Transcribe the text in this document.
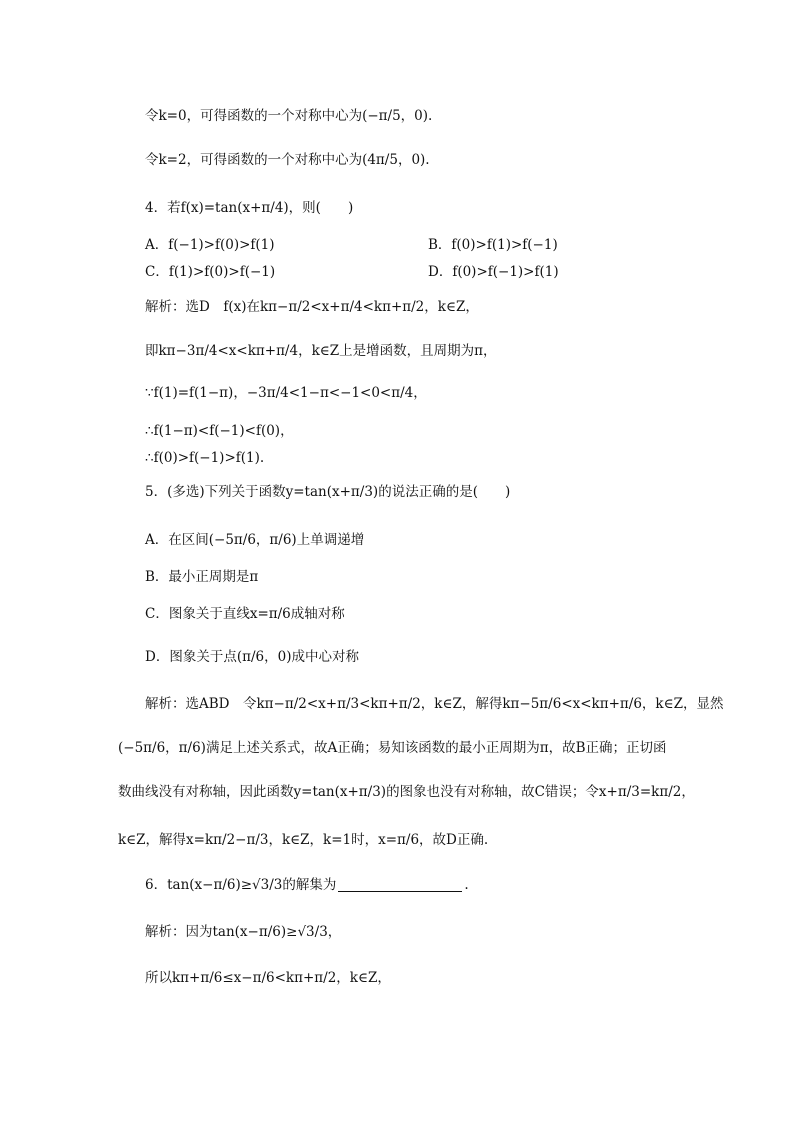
令k=0，可得函数的一个对称中心为(−π/5，0).
令k=2，可得函数的一个对称中心为(4π/5，0).
4．若f(x)=tan(x+π/4)，则(　　)
A．f(−1)>f(0)>f(1)	B．f(0)>f(1)>f(−1)
C．f(1)>f(0)>f(−1)	D．f(0)>f(−1)>f(1)
解析：选D　f(x)在kπ−π/2<x+π/4<kπ+π/2，k∈Z，
即kπ−3π/4<x<kπ+π/4，k∈Z上是增函数，且周期为π，
∵f(1)=f(1−π)，−3π/4<1−π<−1<0<π/4，
∴f(1−π)<f(−1)<f(0)，
∴f(0)>f(−1)>f(1).
5．(多选)下列关于函数y=tan(x+π/3)的说法正确的是(　　)
A．在区间(−5π/6，π/6)上单调递增
B．最小正周期是π
C．图象关于直线x=π/6成轴对称
D．图象关于点(π/6，0)成中心对称
解析：选ABD　令kπ−π/2<x+π/3<kπ+π/2，k∈Z，解得kπ−5π/6<x<kπ+π/6，k∈Z，显然
(−5π/6，π/6)满足上述关系式，故A正确；易知该函数的最小正周期为π，故B正确；正切函
数曲线没有对称轴，因此函数y=tan(x+π/3)的图象也没有对称轴，故C错误；令x+π/3=kπ/2，
k∈Z，解得x=kπ/2−π/3，k∈Z，k=1时，x=π/6，故D正确.
6．tan(x−π/6)≥√3/3的解集为	.
解析：因为tan(x−π/6)≥√3/3，
所以kπ+π/6≤x−π/6<kπ+π/2，k∈Z，
